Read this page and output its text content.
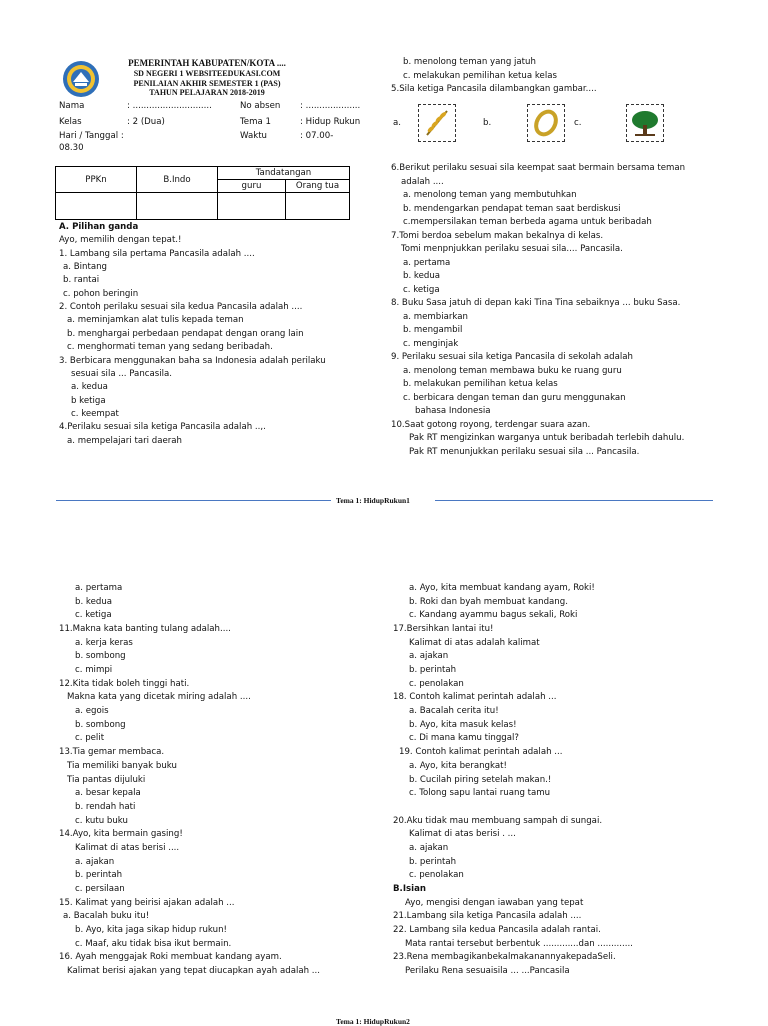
PEMERINTAH KABUPATEN/KOTA ....
SD NEGERI 1 WEBSITEEDUKASI.COM
PENILAIAN AKHIR SEMESTER 1 (PAS)
TAHUN PELAJARAN 2018-2019
Nama	: .............................	No absen : ....................
Kelas	: 2 (Dua)	Tema 1	: Hidup Rukun
Hari / Tanggal :	Waktu	: 07.00-
08.30
PPKn	B.Indo	Tandatangan	
		guru	Orang tua

A. Pilihan ganda
Ayo, memilih dengan tepat.!
1. Lambang sila pertama Pancasila adalah ....
a. Bintang
b. rantai
c. pohon beringin
2. Contoh perilaku sesuai sila kedua Pancasila adalah ....
a. meminjamkan alat tulis kepada teman
b. menghargai perbedaan pendapat dengan orang lain
c. menghormati teman yang sedang beribadah.
3. Berbicara menggunakan baha sa Indonesia adalah perilaku
sesuai sila ... Pancasila.
a. kedua
b ketiga
c. keempat
4.Perilaku sesuai sila ketiga Pancasila adalah ..,.
a. mempelajari tari daerah
b. menolong teman yang jatuh
c. melakukan pemilihan ketua kelas
5.Sila ketiga Pancasila dilambangkan gambar....
a.	b.	c.
6.Berikut perilaku sesuai sila keempat saat bermain bersama teman
adalah ....
a. menolong teman yang membutuhkan
b. mendengarkan pendapat teman saat berdiskusi
c.mempersilakan teman berbeda agama untuk beribadah
7.Tomi berdoa sebelum makan bekalnya di kelas.
Tomi menpnjukkan perilaku sesuai sila.... Pancasila.
a. pertama
b. kedua
c. ketiga
8. Buku Sasa jatuh di depan kaki Tina Tina sebaiknya ... buku Sasa.
a. membiarkan
b. mengambil
c. menginjak
9. Perilaku sesuai sila ketiga Pancasila di sekolah adalah
a. menolong teman membawa buku ke ruang guru
b. melakukan pemilihan ketua kelas
c. berbicara dengan teman dan guru menggunakan
bahasa Indonesia
10.Saat gotong royong, terdengar suara azan.
Pak RT mengizinkan warganya untuk beribadah terlebih dahulu.
Pak RT menunjukkan perilaku sesuai sila ... Pancasila.
Tema 1: HidupRukun1
a. pertama
b. kedua
c. ketiga
11.Makna kata banting tulang adalah....
a. kerja keras
b. sombong
c. mimpi
12.Kita tidak boleh tinggi hati.
Makna kata yang dicetak miring adalah ....
a. egois
b. sombong
c. pelit
13.Tia gemar membaca.
Tia memiliki banyak buku
Tia pantas dijuluki
a. besar kepala
b. rendah hati
c. kutu buku
14.Ayo, kita bermain gasing!
Kalimat di atas berisi ....
a. ajakan
b. perintah
c. persilaan
15. Kalimat yang beirisi ajakan adalah ...
a. Bacalah buku itu!
b. Ayo, kita jaga sikap hidup rukun!
c. Maaf, aku tidak bisa ikut bermain.
16. Ayah menggajak Roki membuat kandang ayam.
Kalimat berisi ajakan yang tepat diucapkan ayah adalah ...
a. Ayo, kita membuat kandang ayam, Roki!
b. Roki dan byah membuat kandang.
c. Kandang ayammu bagus sekali, Roki
17.Bersihkan lantai itu!
Kalimat di atas adalah kalimat
a. ajakan
b. perintah
c. penolakan
18. Contoh kalimat perintah adalah ...
a. Bacalah cerita itu!
b. Ayo, kita masuk kelas!
c. Di mana kamu tinggal?
19. Contoh kalimat perintah adalah ...
a. Ayo, kita berangkat!
b. Cucilah piring setelah makan.!
c. Tolong sapu lantai ruang tamu
20.Aku tidak mau membuang sampah di sungai.
Kalimat di atas berisi . ...
a. ajakan
b. perintah
c. penolakan
B.Isian
Ayo, mengisi dengan iawaban yang tepat
21.Lambang sila ketiga Pancasila adalah ....
22. Lambang sila kedua Pancasila adalah rantai.
Mata rantai tersebut berbentuk .............dan .............
23.Rena membagikanbekalmakanannyakepadaSeli.
Perilaku Rena sesuaisila ... ...Pancasila
Tema 1: HidupRukun2
